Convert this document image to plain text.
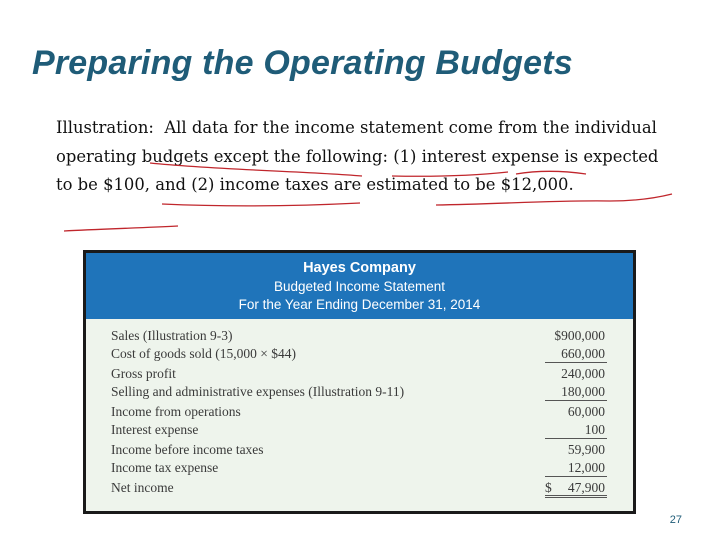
Preparing the Operating Budgets
Illustration: All data for the income statement come from the individual operating budgets except the following: (1) interest expense is expected to be $100, and (2) income taxes are estimated to be $12,000.
Hayes Company
Budgeted Income Statement
For the Year Ending December 31, 2014
Sales (Illustration 9-3)	$900,000
Cost of goods sold (15,000 × $44)	660,000
Gross profit	240,000
Selling and administrative expenses (Illustration 9-11)	180,000
Income from operations	60,000
Interest expense	100
Income before income taxes	59,900
Income tax expense	12,000
Net income	$ 47,900
27
